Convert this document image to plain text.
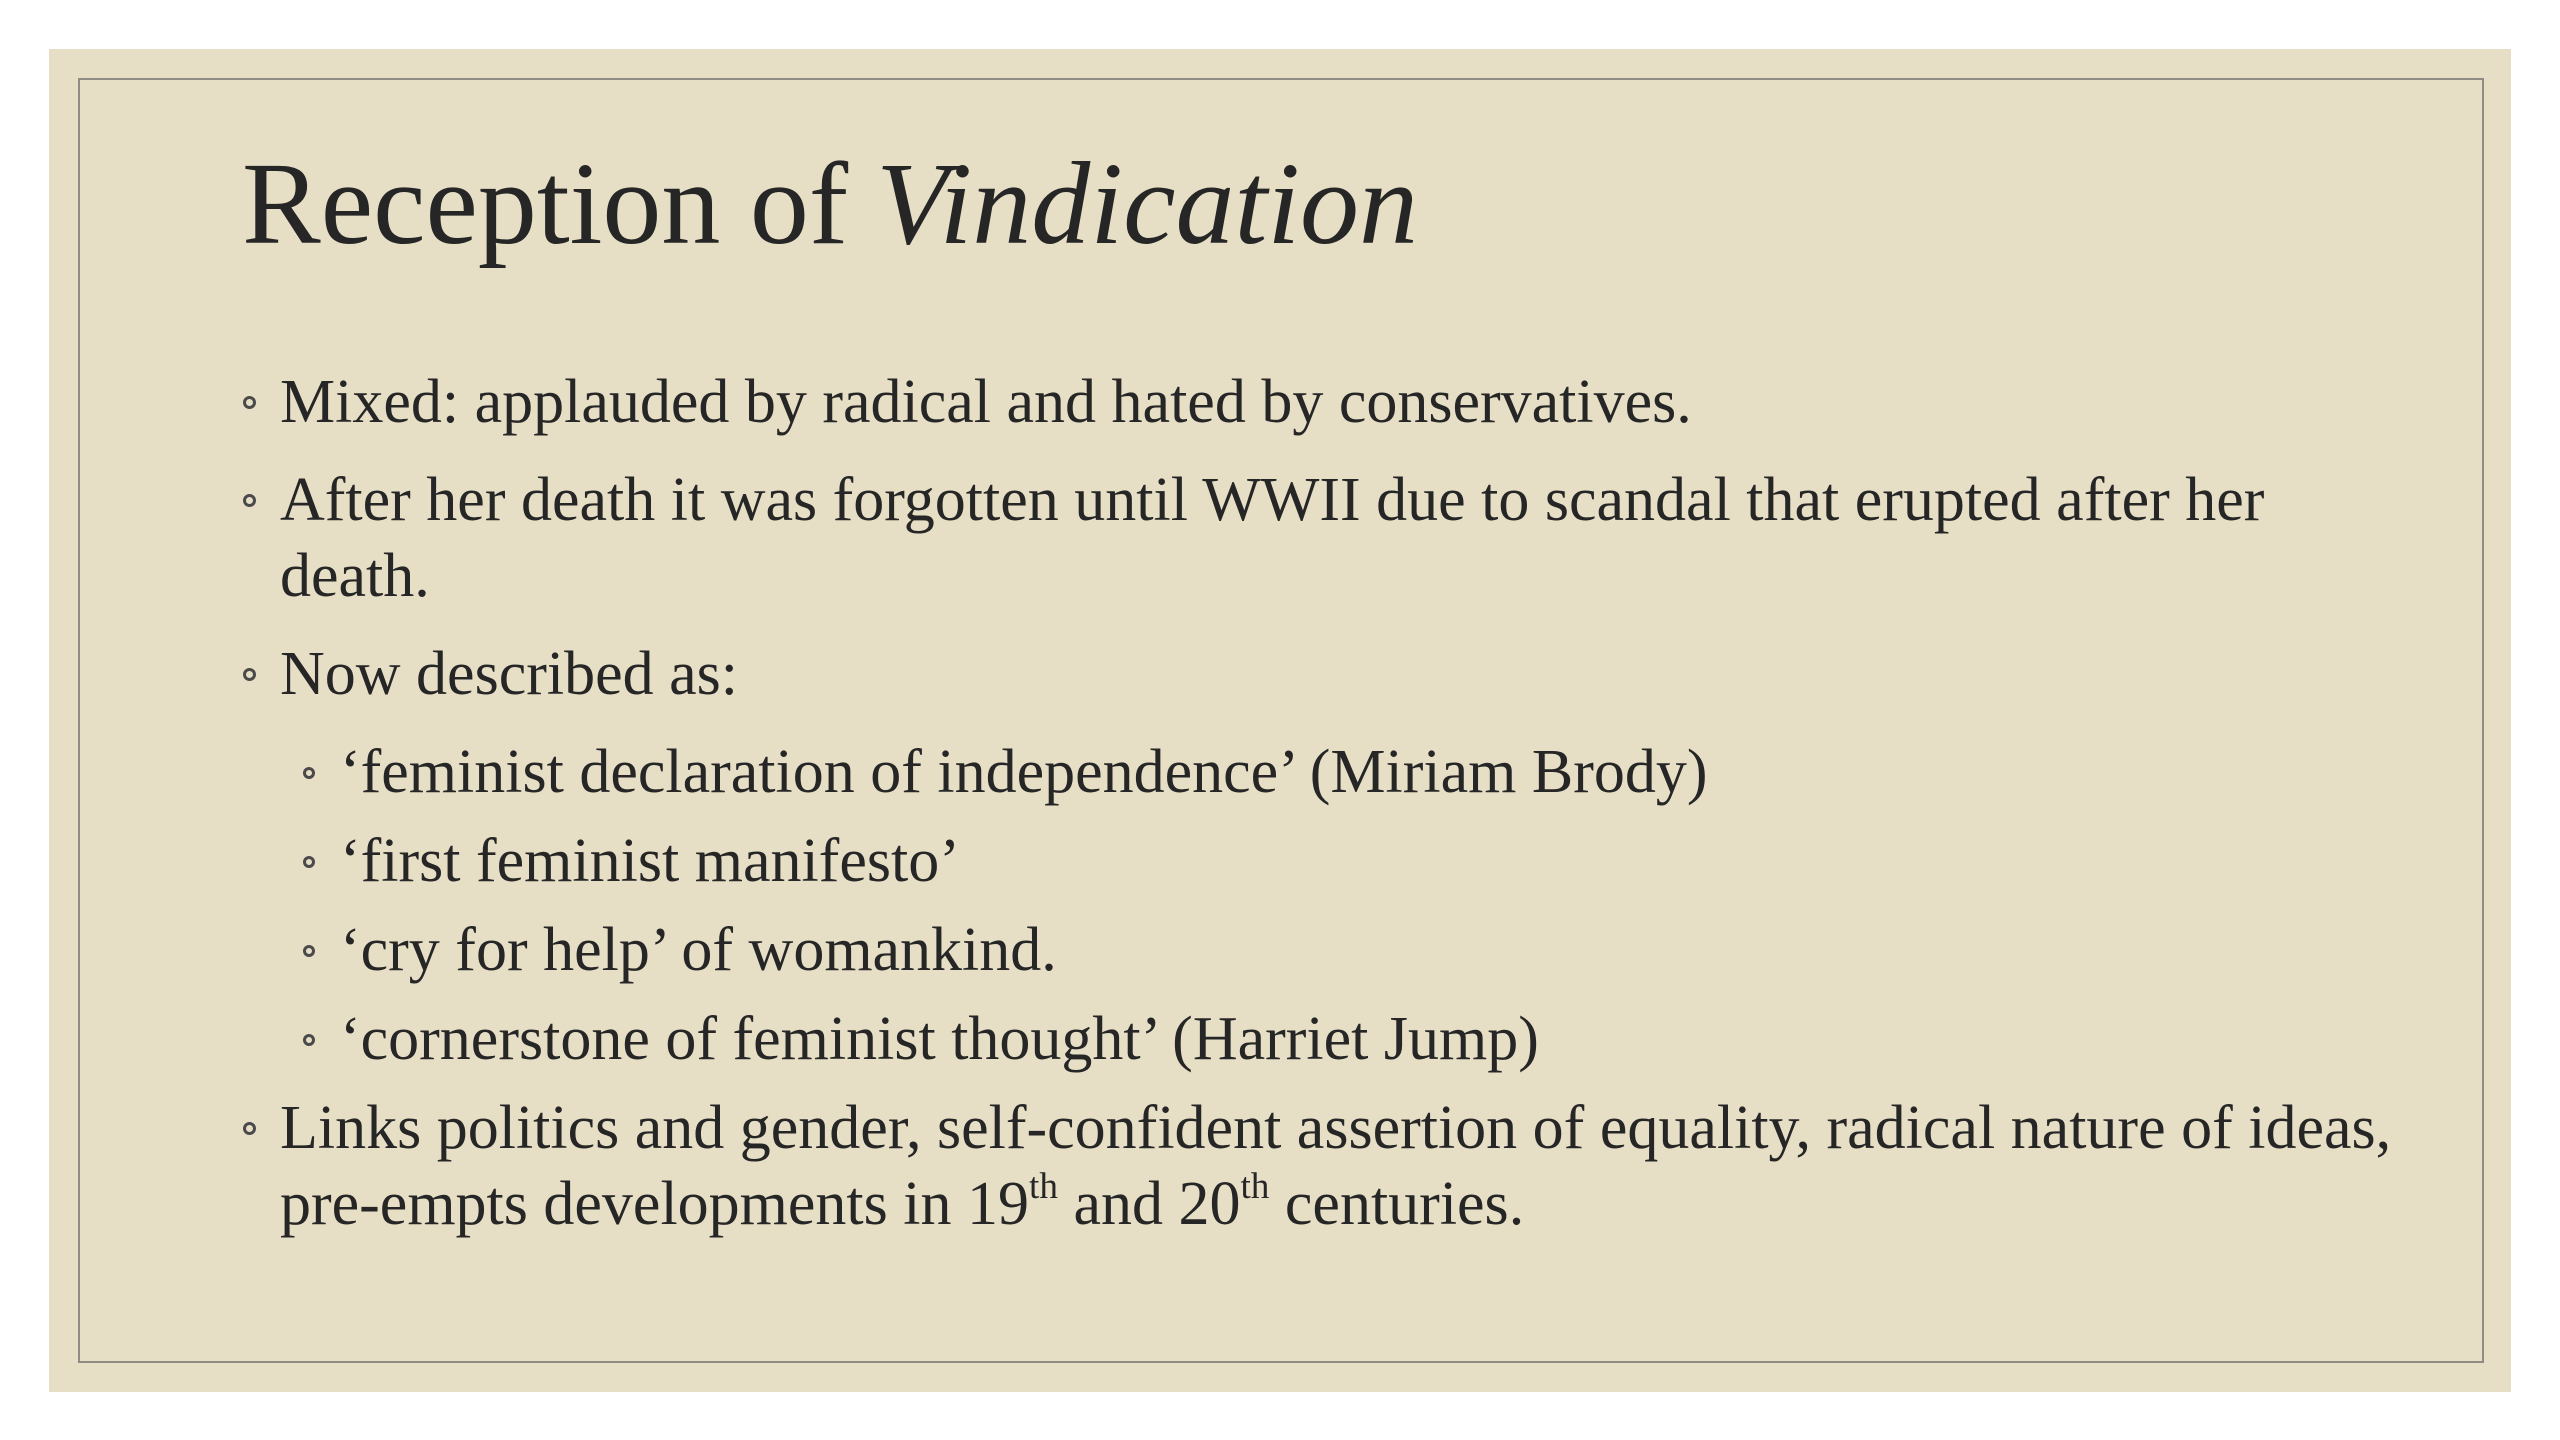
Reception of Vindication
Mixed: applauded by radical and hated by conservatives.
After her death it was forgotten until WWII due to scandal that erupted after her death.
Now described as:
‘feminist declaration of independence’ (Miriam Brody)
‘first feminist manifesto’
‘cry for help’ of womankind.
‘cornerstone of feminist thought’ (Harriet Jump)
Links politics and gender, self-confident assertion of equality, radical nature of ideas, pre-empts developments in 19th and 20th centuries.
